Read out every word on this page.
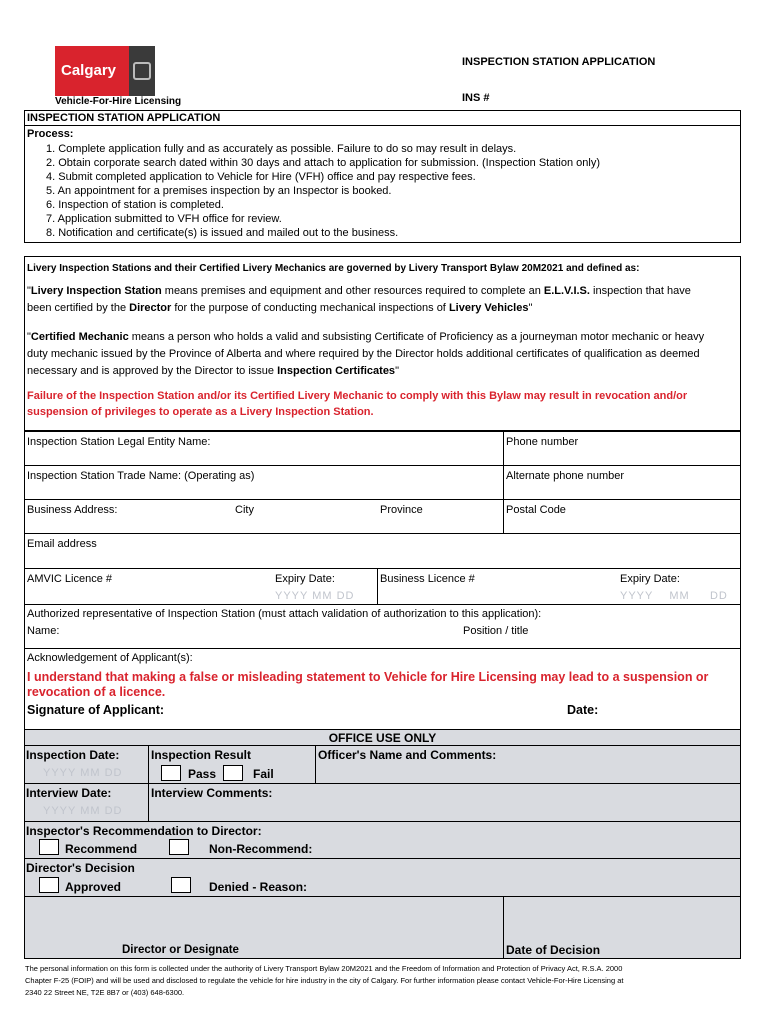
Calgary	INSPECTION STATION APPLICATION
INS #
Vehicle-For-Hire Licensing
INSPECTION STATION APPLICATION
Process:
1. Complete application fully and as accurately as possible. Failure to do so may result in delays.
2. Obtain corporate search dated within 30 days and attach to application for submission. (Inspection Station only)
4. Submit completed application to Vehicle for Hire (VFH) office and pay respective fees.
5. An appointment for a premises inspection by an Inspector is booked.
6. Inspection of station is completed.
7. Application submitted to VFH office for review.
8. Notification and certificate(s) is issued and mailed out to the business.
Livery Inspection Stations and their Certified Livery Mechanics are governed by Livery Transport Bylaw 20M2021 and defined as:
"Livery Inspection Station means premises and equipment and other resources required to complete an E.L.V.I.S. inspection that have
been certified by the Director for the purpose of conducting mechanical inspections of Livery Vehicles"
"Certified Mechanic means a person who holds a valid and subsisting Certificate of Proficiency as a journeyman motor mechanic or heavy
duty mechanic issued by the Province of Alberta and where required by the Director holds additional certificates of qualification as deemed
necessary and is approved by the Director to issue Inspection Certificates"
Failure of the Inspection Station and/or its Certified Livery Mechanic to comply with this Bylaw may result in revocation and/or
suspension of privileges to operate as a Livery Inspection Station.
Inspection Station Legal Entity Name:	Phone number
Inspection Station Trade Name: (Operating as)	Alternate phone number
Business Address:	City	Province	Postal Code
Email address
AMVIC Licence #	Expiry Date:
YYYY MM DD
Business Licence #	Expiry Date:
YYYY    MM     DD
Authorized representative of Inspection Station (must attach validation of authorization to this application):
Name:	Position / title
Acknowledgement of Applicant(s):
I understand that making a false or misleading statement to Vehicle for Hire Licensing may lead to a suspension or
revocation of a licence.
Signature of Applicant:	Date:
OFFICE USE ONLY
Inspection Date:
YYYY MM DD
Inspection Result
Pass	Fail
Officer's Name and Comments:
Interview Date:
YYYY MM DD
Interview Comments:
Inspector's Recommendation to Director:
Recommend	Non-Recommend:
Director's Decision
Approved	Denied - Reason:
Director or Designate	Date of Decision
The personal information on this form is collected under the authority of Livery Transport Bylaw 20M2021 and the Freedom of Information and Protection of Privacy Act, R.S.A. 2000
Chapter F-25 (FOIP) and will be used and disclosed to regulate the vehicle for hire industry in the city of Calgary. For further information please contact Vehicle-For-Hire Licensing at
2340 22 Street NE, T2E 8B7 or (403) 648-6300.
